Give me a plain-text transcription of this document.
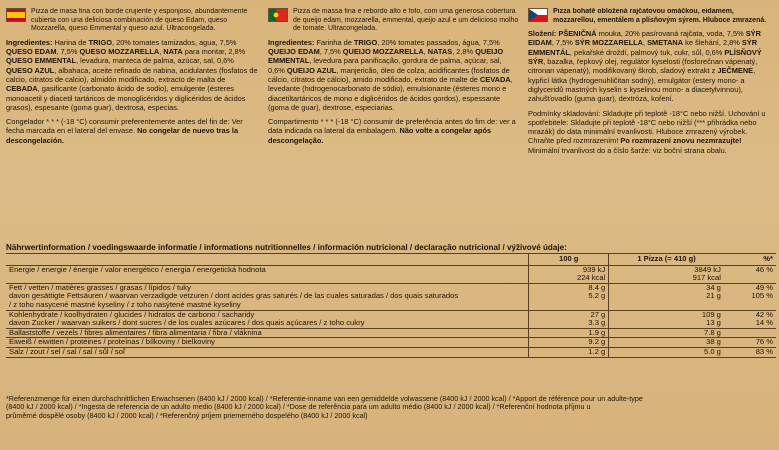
Pizza de masa fina con borde crujiente y esponjoso, abundantemente cubierta con una deliciosa combinación de queso Edam, queso Mozzarella, queso Emmental y queso azul. Ultracongelada.
Ingredientes: Harina de TRIGO, 20% tomates tamizados, agua, 7,5% QUESO EDAM, 7,5% QUESO MOZZARELLA, NATA para montar, 2,8% QUESO EMMENTAL, levadura, manteca de palma, azúcar, sal, 0,6% QUESO AZUL, albahaca, aceite refinado de nabina, acidulantes (fosfatos de calcio, citratos de calcio), almidón modificado, extracto de malta de CEBADA, gasificante (carbonato ácido de sodio), emulgente (ésteres monoacetil y diacetil tartáricos de monoglicéridos y diglicéridos de ácidos grasos), espesante (goma guar), dextrosa, especias.
Congelador * * * (-18 °C) consumir preferentemente antes del fin de: Ver fecha marcada en el lateral del envase. No congelar de nuevo tras la descongelación.
Pizza de massa fina e rebordo alto e fofo, com uma generosa cobertura de queijo edam, mozzarella, emmental, queijo azul e um delicioso molho de tomate. Ultracongelada.
Ingredientes: Farinha de TRIGO, 20% tomates passados, água, 7,5% QUEIJO EDAM, 7,5% QUEIJO MOZZARELLA, NATAS, 2,8% QUEIJO EMMENTAL, levedura para panificação, gordura de palma, açúcar, sal, 0,6% QUEIJO AZUL, manjericão, óleo de colza, acidificantes (fosfatos de cálcio, citratos de cálcio), amido modificado, extrato de malte de CEVADA, levedante (hidrogenocarbonato de sódio), emulsionante (ésteres mono e diacetiltartáricos de mono e diglicéridos de ácidos gordos), espessante (goma de guar), dextrose, especiarias.
Compartimento * * * (-18 °C) consumir de preferência antes do fim de: ver a data indicada na lateral da embalagem. Não volte a congelar após descongelação.
Pizza bohatě obložená rajčatovou omáčkou, eidamem, mozzarellou, ementálem a plísňovým sýrem. Hluboce zmrazená.
Složení: PŠENIČNÁ mouka, 20% pasírovaná rajčata, voda, 7,5% SÝR EIDAM, 7,5% SÝR MOZZARELLA, SMETANA ke šlehání, 2,8% SÝR EMMENTÁL, pekařské droždí, palmový tuk, cukr, sůl, 0,6% PLÍSŇOVÝ SÝR, bazalka, řepkový olej, regulátor kyselosti (fosforečnan vápenatý, citronan vápenatý), modifikovaný škrob, sladový extrakt z JEČMENE, kypřicí látka (hydrogenuhličitan sodný), emulgátor (estery mono- a diglyceridů mastných kyselin s kyselinou mono- a diacetylvinnou), zahušťovadlo (guma guar), dextróza, koření.
Podmínky skladování: Skladujte při teplotě -18°C nebo nižší. Uchování u spotřebitele: Skladujte při teplotě -18°C nebo nižší (*** přihrádka nebo mrazák) do data minimální trvanlivosti. Hluboce zmrazený výrobek. Chraňte před rozmrazením! Po rozmrazení znovu nezmrazujte! Minimální trvanlivost do a číslo šarže: viz boční strana obalu.
Nährwertinformation / voedingswaarde informatie / informations nutritionnelles / información nutricional / declaração nutricional / výživové údaje:
	100 g	1 Pizza (= 410 g)	%*
Energie / energie / énergie / valor energético / energia / energetická hodnota	939 kJ	3849 kJ	46 %
	224 kcal	917 kcal	
Fett / vetten / matières grasses / grasas / lípidos / tuky	8.4 g	34 g	49 %
davon gesättigte Fettsäuren / waarvan verzadigde vetzuren / dont acides gras saturés / de las cuales saturadas / dos quais saturados	5.2 g	21 g	105 %
/ z toho nasycené mastné kyseliny / z toho nasýtené mastné kyseliny			
Kohlenhydrate / koolhydraten / glucides / hidratos de carbono / sacharidy	27 g	109 g	42 %
davon Zucker / waarvan suikers / dont sucres / de los cuales azúcares / dos quais açúcares / z toho cukry	3.3 g	13 g	14 %
Ballaststoffe / vezels / fibres alimentaires / fibra alimentaria / fibra / vláknina	1.9 g	7.8 g	
Eiweiß / eiwitten / protéines / proteínas / bílkoviny / bielkoviny	9.2 g	38 g	76 %
Salz / zout / sel / sal / sal / sůl / soľ	1.2 g	5.0 g	83 %
*Referenzmenge für einen durchschnittlichen Erwachsenen (8400 kJ / 2000 kcal) / *Referentie-inname van een gemiddelde volwassene (8400 kJ / 2000 kcal) / *Apport de référence pour un adulte-type
(8400 kJ / 2000 kcal) / *Ingesta de referencia de un adulto medio (8400 kJ / 2000 kcal) / *Dose de referência para um adulto médio (8400 kJ / 2000 kcal) / *Referenční hodnota příjmu u
průměrné dospělé osoby (8400 kJ / 2000 kcal) / *Referenčný príjem priemerného dospelého (8400 kJ / 2000 kcal)
